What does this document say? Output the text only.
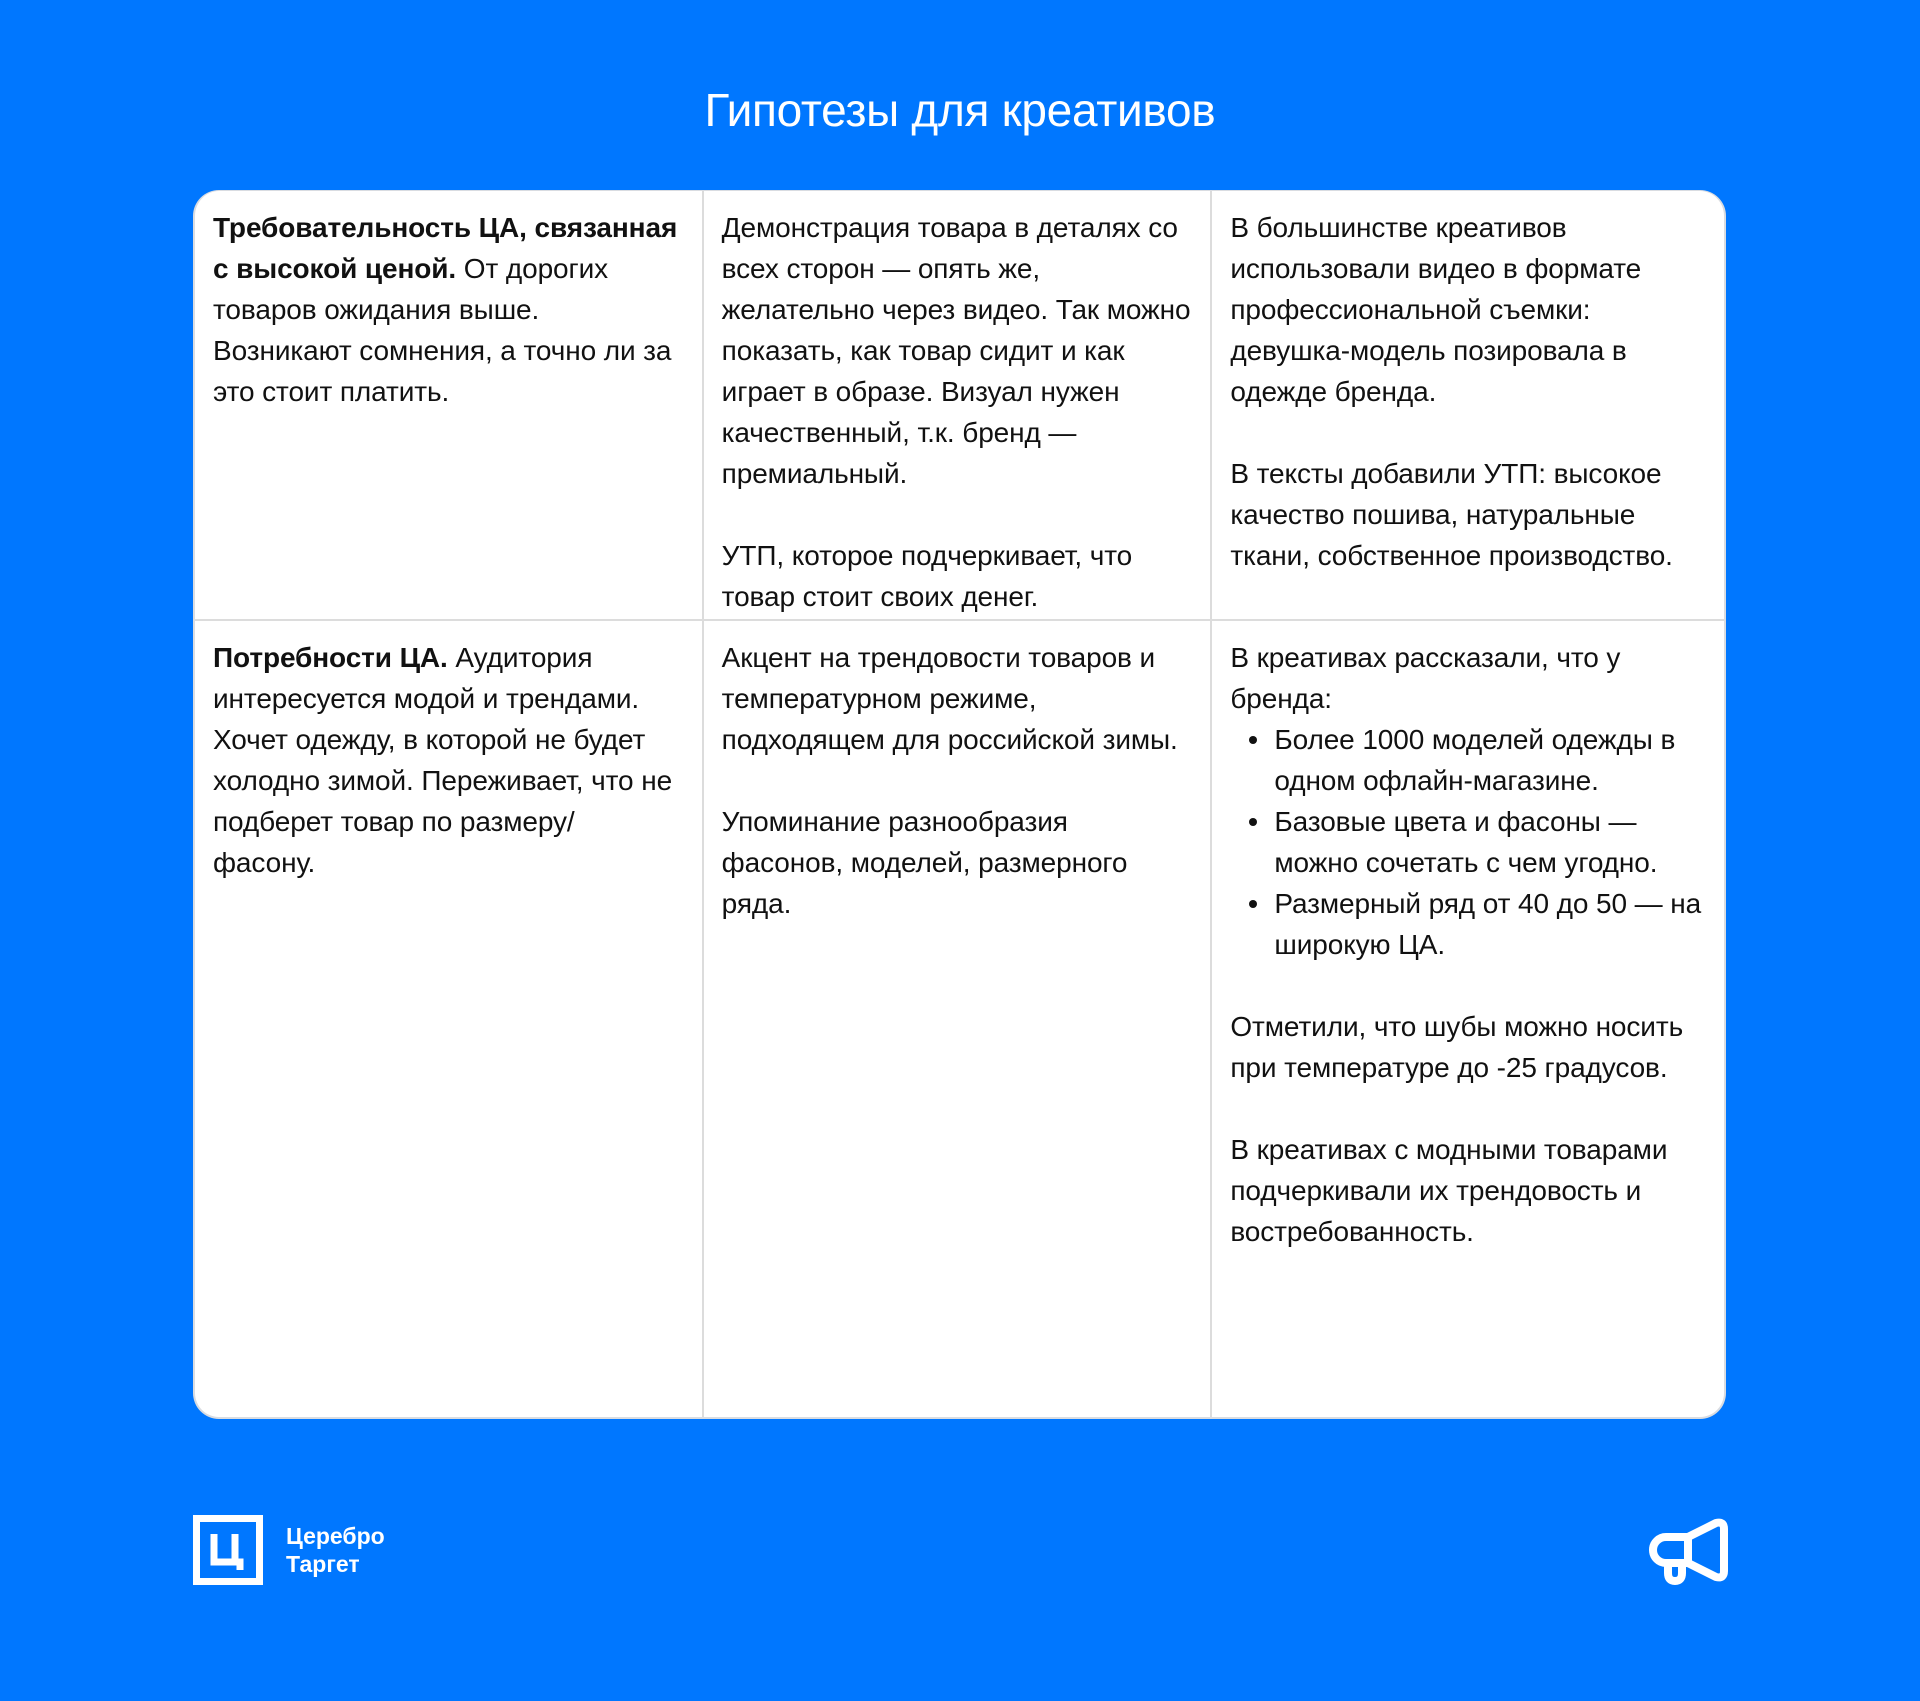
Гипотезы для креативов

Требовательность ЦА, связанная с высокой ценой. От дорогих товаров ожидания выше. Возникают сомнения, а точно ли за это стоит платить.

Демонстрация товара в деталях со всех сторон — опять же, желательно через видео. Так можно показать, как товар сидит и как играет в образе. Визуал нужен качественный, т.к. бренд — премиальный.

УТП, которое подчеркивает, что товар стоит своих денег.

В большинстве креативов использовали видео в формате профессиональной съемки: девушка-модель позировала в одежде бренда.

В тексты добавили УТП: высокое качество пошива, натуральные ткани, собственное производство.

Потребности ЦА. Аудитория интересуется модой и трендами. Хочет одежду, в которой не будет холодно зимой. Переживает, что не подберет товар по размеру/ фасону.

Акцент на трендовости товаров и температурном режиме, подходящем для российской зимы.

Упоминание разнообразия фасонов, моделей, размерного ряда.

В креативах рассказали, что у бренда:

Более 1000 моделей одежды в одном офлайн-магазине.
Базовые цвета и фасоны — можно сочетать с чем угодно.
Размерный ряд от 40 до 50 — на широкую ЦА.

Отметили, что шубы можно носить при температуре до -25 градусов.

В креативах с модными товарами подчеркивали их трендовость и востребованность.

Церебро
Таргет
